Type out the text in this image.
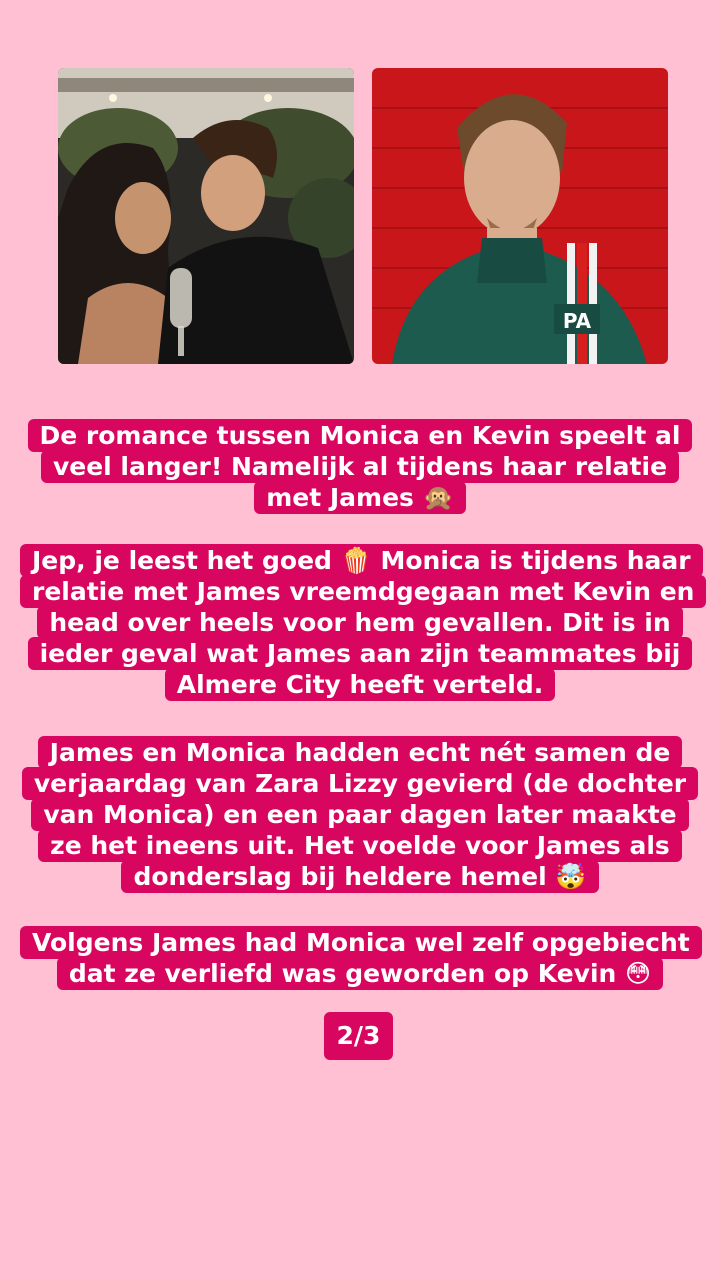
PA
De romance tussen Monica en Kevin speelt al veel langer! Namelijk al tijdens haar relatie met James 🙊
Jep, je leest het goed 🍿 Monica is tijdens haar relatie met James vreemdgegaan met Kevin en head over heels voor hem gevallen. Dit is in ieder geval wat James aan zijn teammates bij Almere City heeft verteld.
James en Monica hadden echt nét samen de verjaardag van Zara Lizzy gevierd (de dochter van Monica) en een paar dagen later maakte ze het ineens uit. Het voelde voor James als donderslag bij heldere hemel 🤯
Volgens James had Monica wel zelf opgebiecht dat ze verliefd was geworden op Kevin 😳
2/3
